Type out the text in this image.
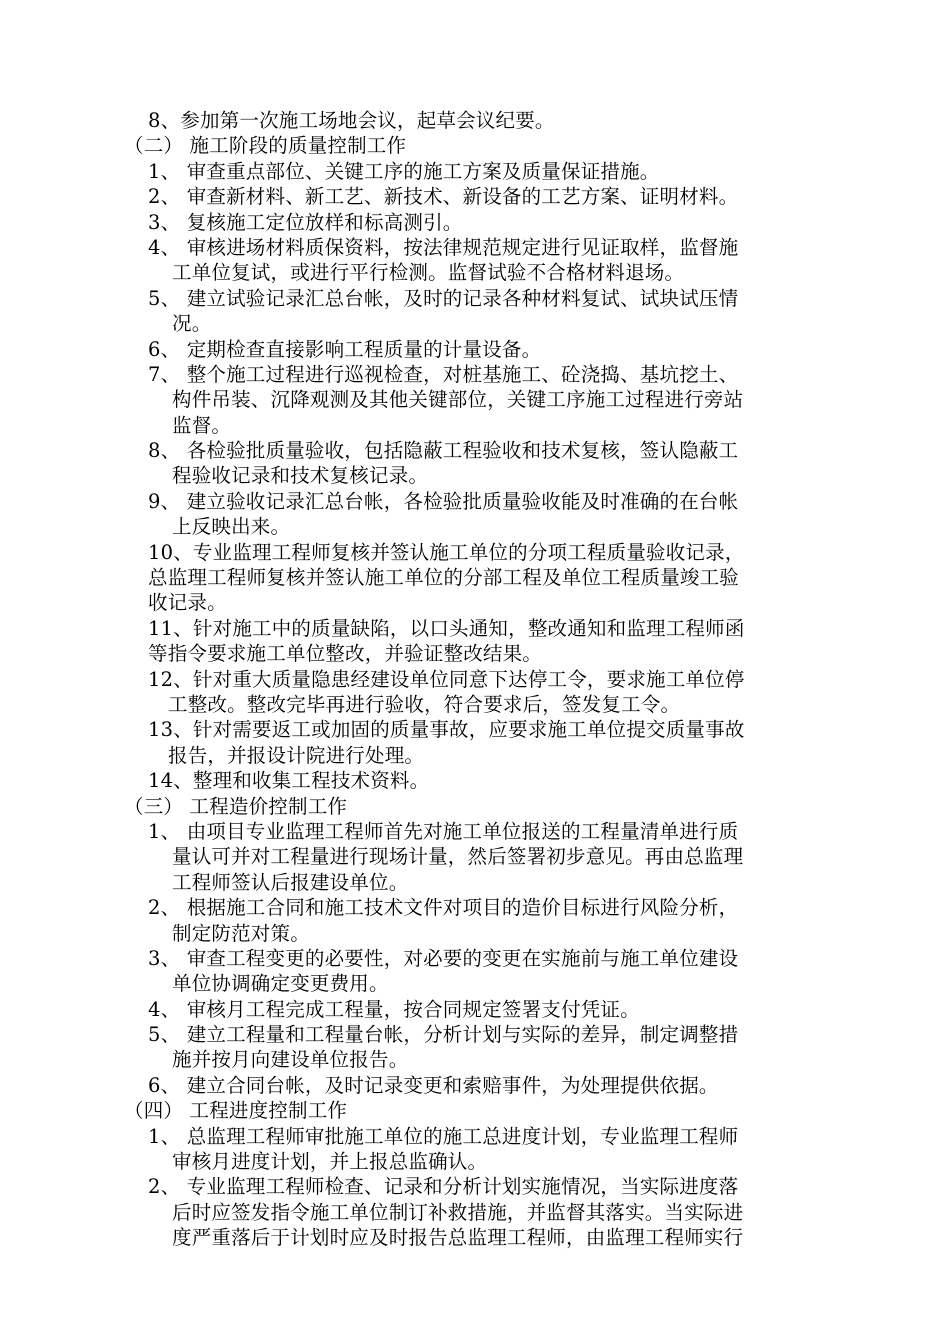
8、参加第一次施工场地会议，起草会议纪要。
（二） 施工阶段的质量控制工作
1、 审查重点部位、关键工序的施工方案及质量保证措施。
2、 审查新材料、新工艺、新技术、新设备的工艺方案、证明材料。
3、 复核施工定位放样和标高测引。
4、 审核进场材料质保资料，按法律规范规定进行见证取样，监督施
工单位复试，或进行平行检测。监督试验不合格材料退场。
5、 建立试验记录汇总台帐，及时的记录各种材料复试、试块试压情
况。
6、 定期检查直接影响工程质量的计量设备。
7、 整个施工过程进行巡视检查，对桩基施工、砼浇捣、基坑挖土、
构件吊装、沉降观测及其他关键部位，关键工序施工过程进行旁站
监督。
8、 各检验批质量验收，包括隐蔽工程验收和技术复核，签认隐蔽工
程验收记录和技术复核记录。
9、 建立验收记录汇总台帐，各检验批质量验收能及时准确的在台帐
上反映出来。
10、专业监理工程师复核并签认施工单位的分项工程质量验收记录，
总监理工程师复核并签认施工单位的分部工程及单位工程质量竣工验
收记录。
11、针对施工中的质量缺陷，以口头通知，整改通知和监理工程师函
等指令要求施工单位整改，并验证整改结果。
12、针对重大质量隐患经建设单位同意下达停工令，要求施工单位停
工整改。整改完毕再进行验收，符合要求后，签发复工令。
13、针对需要返工或加固的质量事故，应要求施工单位提交质量事故
报告，并报设计院进行处理。
14、整理和收集工程技术资料。
（三） 工程造价控制工作
1、 由项目专业监理工程师首先对施工单位报送的工程量清单进行质
量认可并对工程量进行现场计量，然后签署初步意见。再由总监理
工程师签认后报建设单位。
2、 根据施工合同和施工技术文件对项目的造价目标进行风险分析，
制定防范对策。
3、 审查工程变更的必要性，对必要的变更在实施前与施工单位建设
单位协调确定变更费用。
4、 审核月工程完成工程量，按合同规定签署支付凭证。
5、 建立工程量和工程量台帐，分析计划与实际的差异，制定调整措
施并按月向建设单位报告。
6、 建立合同台帐，及时记录变更和索赔事件，为处理提供依据。
（四） 工程进度控制工作
1、 总监理工程师审批施工单位的施工总进度计划，专业监理工程师
审核月进度计划，并上报总监确认。
2、 专业监理工程师检查、记录和分析计划实施情况，当实际进度落
后时应签发指令施工单位制订补救措施，并监督其落实。当实际进
度严重落后于计划时应及时报告总监理工程师，由监理工程师实行
